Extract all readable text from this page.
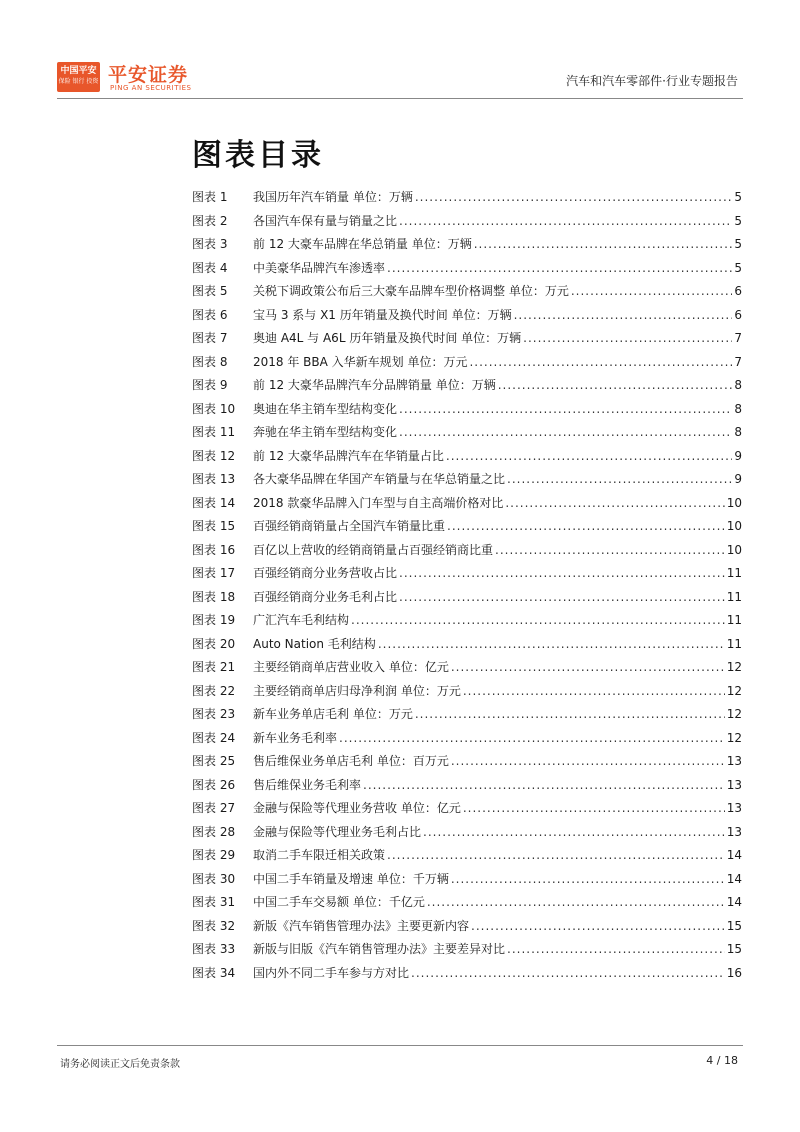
中国平安
保险 银行 投资 平安证券
PING AN SECURITIES	汽车和汽车零部件·行业专题报告
图表目录
图表 1	我国历年汽车销量 单位：万辆 .....	5
图表 2	各国汽车保有量与销量之比 .....	5
图表 3	前 12 大豪车品牌在华总销量 单位：万辆 .....	5
图表 4	中美豪华品牌汽车渗透率 .....	5
图表 5	关税下调政策公布后三大豪车品牌车型价格调整 单位：万元 .....	6
图表 6	宝马 3 系与 X1 历年销量及换代时间 单位：万辆 .....	6
图表 7	奥迪 A4L 与 A6L 历年销量及换代时间 单位：万辆 .....	7
图表 8	2018 年 BBA 入华新车规划 单位：万元 .....	7
图表 9	前 12 大豪华品牌汽车分品牌销量 单位：万辆 .....	8
图表 10	奥迪在华主销车型结构变化 .....	8
图表 11	奔驰在华主销车型结构变化 .....	8
图表 12	前 12 大豪华品牌汽车在华销量占比 .....	9
图表 13	各大豪华品牌在华国产车销量与在华总销量之比 .....	9
图表 14	2018 款豪华品牌入门车型与自主高端价格对比 .....	10
图表 15	百强经销商销量占全国汽车销量比重 .....	10
图表 16	百亿以上营收的经销商销量占百强经销商比重 .....	10
图表 17	百强经销商分业务营收占比 .....	11
图表 18	百强经销商分业务毛利占比 .....	11
图表 19	广汇汽车毛利结构 .....	11
图表 20	Auto Nation 毛利结构 .....	11
图表 21	主要经销商单店营业收入 单位：亿元 .....	12
图表 22	主要经销商单店归母净利润 单位：万元 .....	12
图表 23	新车业务单店毛利 单位：万元 .....	12
图表 24	新车业务毛利率 .....	12
图表 25	售后维保业务单店毛利 单位：百万元 .....	13
图表 26	售后维保业务毛利率 .....	13
图表 27	金融与保险等代理业务营收 单位：亿元 .....	13
图表 28	金融与保险等代理业务毛利占比 .....	13
图表 29	取消二手车限迁相关政策 .....	14
图表 30	中国二手车销量及增速 单位：千万辆 .....	14
图表 31	中国二手车交易额 单位：千亿元 .....	14
图表 32	新版《汽车销售管理办法》主要更新内容 .....	15
图表 33	新版与旧版《汽车销售管理办法》主要差异对比 .....	15
图表 34	国内外不同二手车参与方对比 .....	16
请务必阅读正文后免责条款	4 / 18
